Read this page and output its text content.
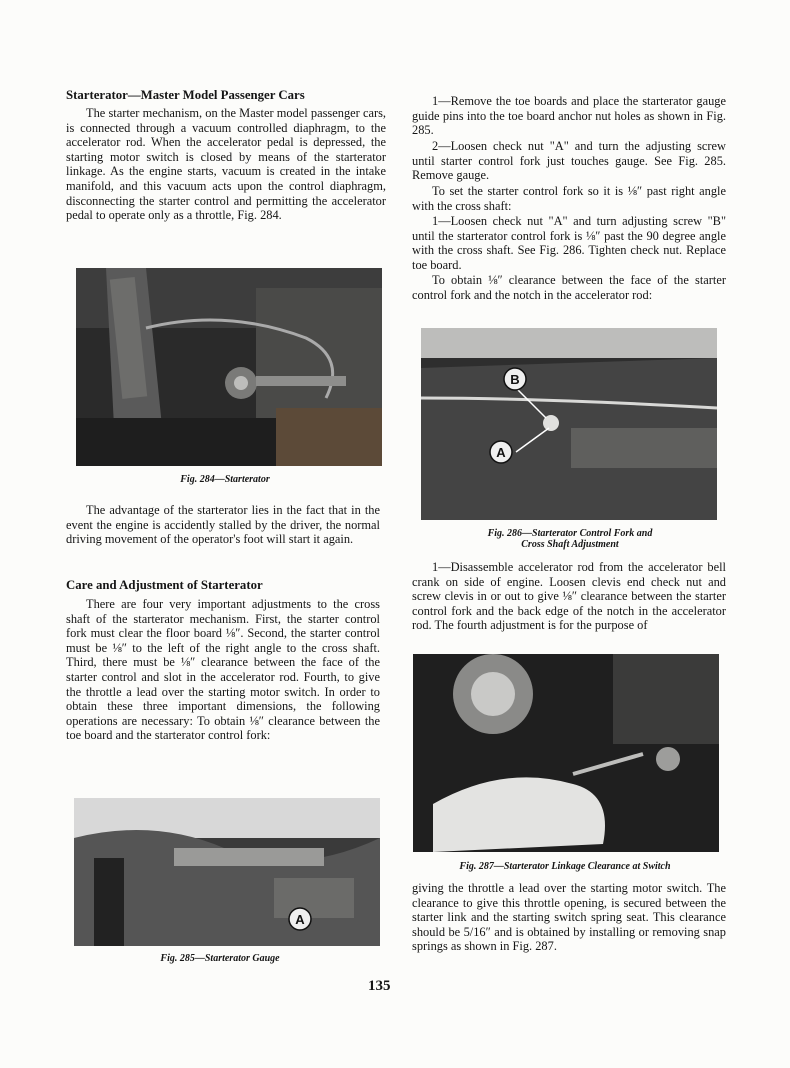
Starterator—Master Model Passenger Cars

The starter mechanism, on the Master model passenger cars, is connected through a vacuum controlled diaphragm, to the accelerator rod. When the accelerator pedal is depressed, the starting motor switch is closed by means of the starterator linkage. As the engine starts, vacuum is created in the intake manifold, and this vacuum acts upon the control diaphragm, disconnecting the starter control and permitting the accelerator pedal to operate only as a throttle, Fig. 284.

Fig. 284—Starterator

The advantage of the starterator lies in the fact that in the event the engine is accidently stalled by the driver, the normal driving movement of the operator's foot will start it again.

Care and Adjustment of Starterator

There are four very important adjustments to the cross shaft of the starterator mechanism. First, the starter control fork must clear the floor board ⅛″. Second, the starter control must be ⅛″ to the left of the right angle to the cross shaft. Third, there must be ⅛″ clearance between the face of the starter control and slot in the accelerator rod. Fourth, to give the throttle a lead over the starting motor switch. In order to obtain these three important dimensions, the following operations are necessary: To obtain ⅛″ clearance between the toe board and the starterator control fork:

A
Fig. 285—Starterator Gauge

1—Remove the toe boards and place the starterator gauge guide pins into the toe board anchor nut holes as shown in Fig. 285.

2—Loosen check nut "A" and turn the adjusting screw until starter control fork just touches gauge. See Fig. 285. Remove gauge.

To set the starter control fork so it is ⅛″ past right angle with the cross shaft:

1—Loosen check nut "A" and turn adjusting screw "B" until the starterator control fork is ⅛″ past the 90 degree angle with the cross shaft. See Fig. 286. Tighten check nut. Replace toe board.

To obtain ⅛″ clearance between the face of the starter control fork and the notch in the accelerator rod:

B
A
Fig. 286—Starterator Control Fork and
Cross Shaft Adjustment

1—Disassemble accelerator rod from the accelerator bell crank on side of engine. Loosen clevis end check nut and screw clevis in or out to give ⅛″ clearance between the starter control fork and the back edge of the notch in the accelerator rod. The fourth adjustment is for the purpose of

Fig. 287—Starterator Linkage Clearance at Switch

giving the throttle a lead over the starting motor switch. The clearance to give this throttle opening, is secured between the starter link and the starting switch spring seat. This clearance should be 5/16″ and is obtained by installing or removing snap springs as shown in Fig. 287.

135
